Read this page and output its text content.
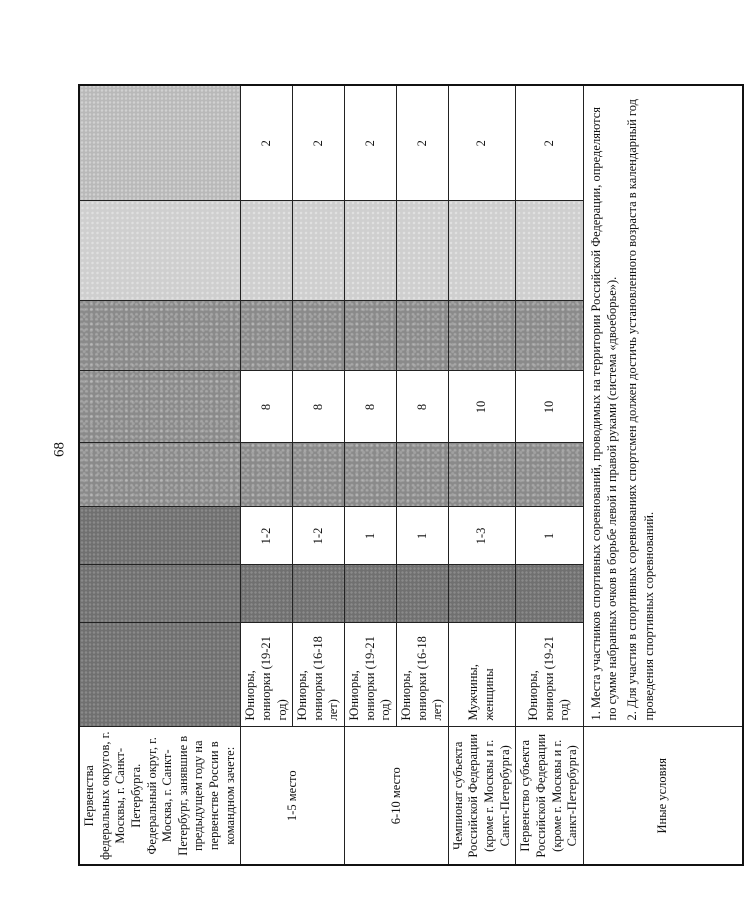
68
Первенства федеральных округов, г. Москвы, г. Санкт-Петербурга. Федеральный округ, г. Москва, г. Санкт-Петербург, занявшие в предыдущем году на первенстве России в командном зачете:								
1-5 место	Юниоры, юниорки (19-21 год)		1-2		8			2
	Юниоры, юниорки (16-18 лет)		1-2		8			2
6-10 место	Юниоры, юниорки (19-21 год)		1		8			2
	Юниоры, юниорки (16-18 лет)		1		8			2
Чемпионат субъекта Российской Федерации (кроме г. Москвы и г. Санкт-Петербурга)	Мужчины, женщины		1-3		10			2
Первенство субъекта Российской Федерации (кроме г. Москвы и г. Санкт-Петербурга)	Юниоры, юниорки (19-21 год)		1		10			2
Иные условия	1. Места участников спортивных соревнований, проводимых на территории Российской Федерации, определяются по сумме набранных очков в борьбе левой и правой руками (система «двоеборье»). 2. Для участия в спортивных соревнованиях спортсмен должен достичь установленного возраста в календарный год проведения спортивных соревнований.							
